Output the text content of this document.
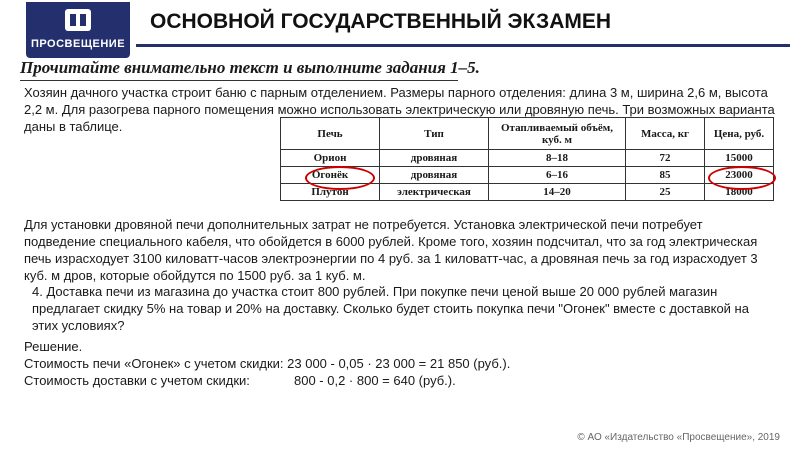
ПРОСВЕЩЕНИЕ
ОСНОВНОЙ ГОСУДАРСТВЕННЫЙ ЭКЗАМЕН
Прочитайте внимательно текст и выполните задания 1–5.
Хозяин дачного участка строит баню с парным отделением. Размеры парного отделения: длина 3 м, ширина 2,6 м, высота 2,2 м. Для разогрева парного помещения можно использовать электрическую или дровяную печь. Три возможных варианта даны в таблице.	Печь	Тип	Отапливаемый объём, куб. м	Масса, кг	Цена, руб.
Орион	дровяная	8–18	72	15000
Огонёк	дровяная	6–16	85	23000
Плутон	электрическая	14–20	25	18000
Для установки дровяной печи дополнительных затрат не потребуется. Установка электрической печи потребует подведение специального кабеля, что обойдется в 6000 рублей. Кроме того, хозяин подсчитал, что за год электрическая печь израсходует 3100 киловатт-часов электроэнергии по 4 руб. за 1 киловатт-час, а дровяная печь за год израсходует 3 куб. м дров, которые обойдутся по 1500 руб. за 1 куб. м.
4. Доставка печи из магазина до участка стоит 800 рублей. При покупке печи ценой выше 20 000 рублей магазин предлагает скидку 5% на товар и 20% на доставку. Сколько будет стоить покупка печи "Огонек" вместе с доставкой на этих условиях?
Решение.
Стоимость печи «Огонек» с учетом скидки: 23 000 - 0,05 · 23 000 = 21 850 (руб.).
Стоимость доставки с учетом скидки:	800 - 0,2 · 800 = 640 (руб.).
© АО «Издательство «Просвещение», 2019
